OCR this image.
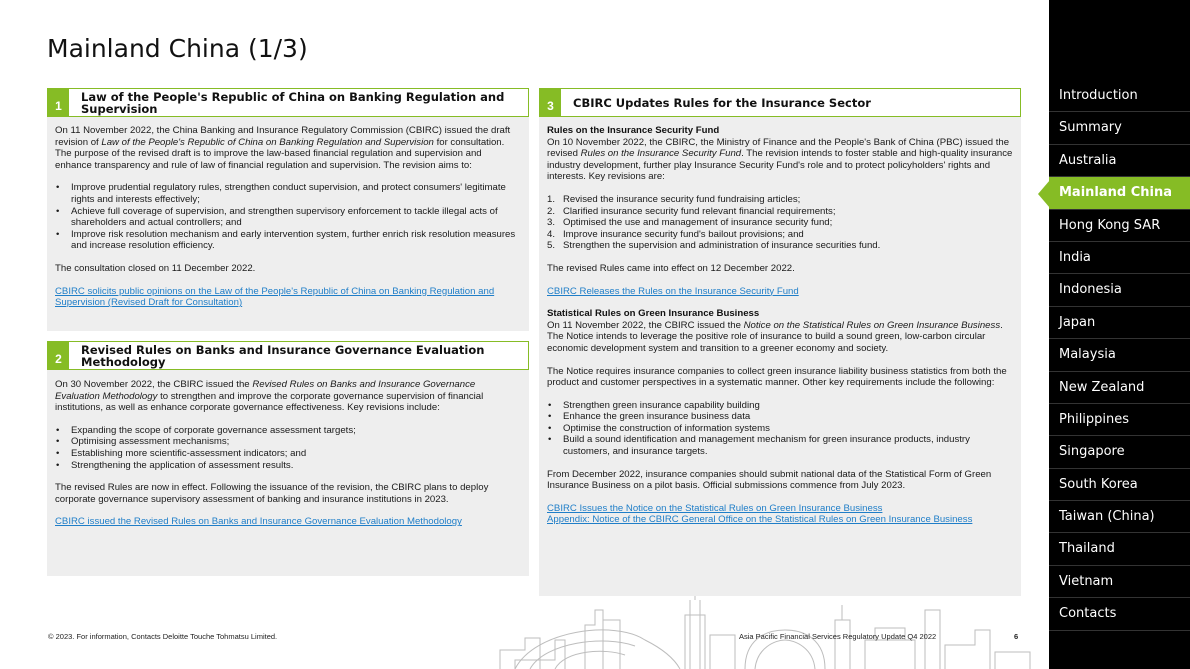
Mainland China (1/3)
1
Law of the People's Republic of China on Banking Regulation and
Supervision

On 11 November 2022, the China Banking and Insurance Regulatory Commission (CBIRC) issued the draft revision of Law of the People's Republic of China on Banking Regulation and Supervision for consultation. The purpose of the revised draft is to improve the law-based financial regulation and supervision and enhance transparency and rule of law of financial regulation and supervision. The revision aims to:

• Improve prudential regulatory rules, strengthen conduct supervision, and protect consumers' legitimate rights and interests effectively;
• Achieve full coverage of supervision, and strengthen supervisory enforcement to tackle illegal acts of shareholders and actual controllers; and
• Improve risk resolution mechanism and early intervention system, further enrich risk resolution measures and increase resolution efficiency.

The consultation closed on 11 December 2022.

CBIRC solicits public opinions on the Law of the People's Republic of China on Banking Regulation and Supervision (Revised Draft for Consultation)
2
Revised Rules on Banks and Insurance Governance Evaluation
Methodology

On 30 November 2022, the CBIRC issued the Revised Rules on Banks and Insurance Governance Evaluation Methodology to strengthen and improve the corporate governance supervision of financial institutions, as well as enhance corporate governance effectiveness. Key revisions include:

• Expanding the scope of corporate governance assessment targets;
• Optimising assessment mechanisms;
• Establishing more scientific-assessment indicators; and
• Strengthening the application of assessment results.

The revised Rules are now in effect. Following the issuance of the revision, the CBIRC plans to deploy corporate governance supervisory assessment of banking and insurance institutions in 2023.

CBIRC issued the Revised Rules on Banks and Insurance Governance Evaluation Methodology
3	CBIRC Updates Rules for the Insurance Sector
Rules on the Insurance Security Fund

On 10 November 2022, the CBIRC, the Ministry of Finance and the People's Bank of China (PBC) issued the revised Rules on the Insurance Security Fund. The revision intends to foster stable and high-quality insurance industry development, further play Insurance Security Fund's role and to protect policyholders' rights and interests. Key revisions are:

1. Revised the insurance security fund fundraising articles;
2. Clarified insurance security fund relevant financial requirements;
3. Optimised the use and management of insurance security fund;
4. Improve insurance security fund's bailout provisions; and
5. Strengthen the supervision and administration of insurance securities fund.

The revised Rules came into effect on 12 December 2022.

CBIRC Releases the Rules on the Insurance Security Fund

Statistical Rules on Green Insurance Business

On 11 November 2022, the CBIRC issued the Notice on the Statistical Rules on Green Insurance Business. The Notice intends to leverage the positive role of insurance to build a sound green, low-carbon circular economic development system and transition to a greener economy and society.

The Notice requires insurance companies to collect green insurance liability business statistics from both the product and customer perspectives in a systematic manner. Other key requirements include the following:

• Strengthen green insurance capability building
• Enhance the green insurance business data
• Optimise the construction of information systems
• Build a sound identification and management mechanism for green insurance products, industry customers, and insurance targets.

From December 2022, insurance companies should submit national data of the Statistical Form of Green Insurance Business on a pilot basis. Official submissions commence from July 2023.

CBIRC Issues the Notice on the Statistical Rules on Green Insurance Business
Appendix: Notice of the CBIRC General Office on the Statistical Rules on Green Insurance Business
© 2023. For information, Contacts Deloitte Touche Tohmatsu Limited.	Asia Pacific Financial Services Regulatory Update Q4 2022	6
Introduction
Summary
Australia
Mainland China
Hong Kong SAR
India
Indonesia
Japan
Malaysia
New Zealand
Philippines
Singapore
South Korea
Taiwan (China)
Thailand
Vietnam
Contacts
